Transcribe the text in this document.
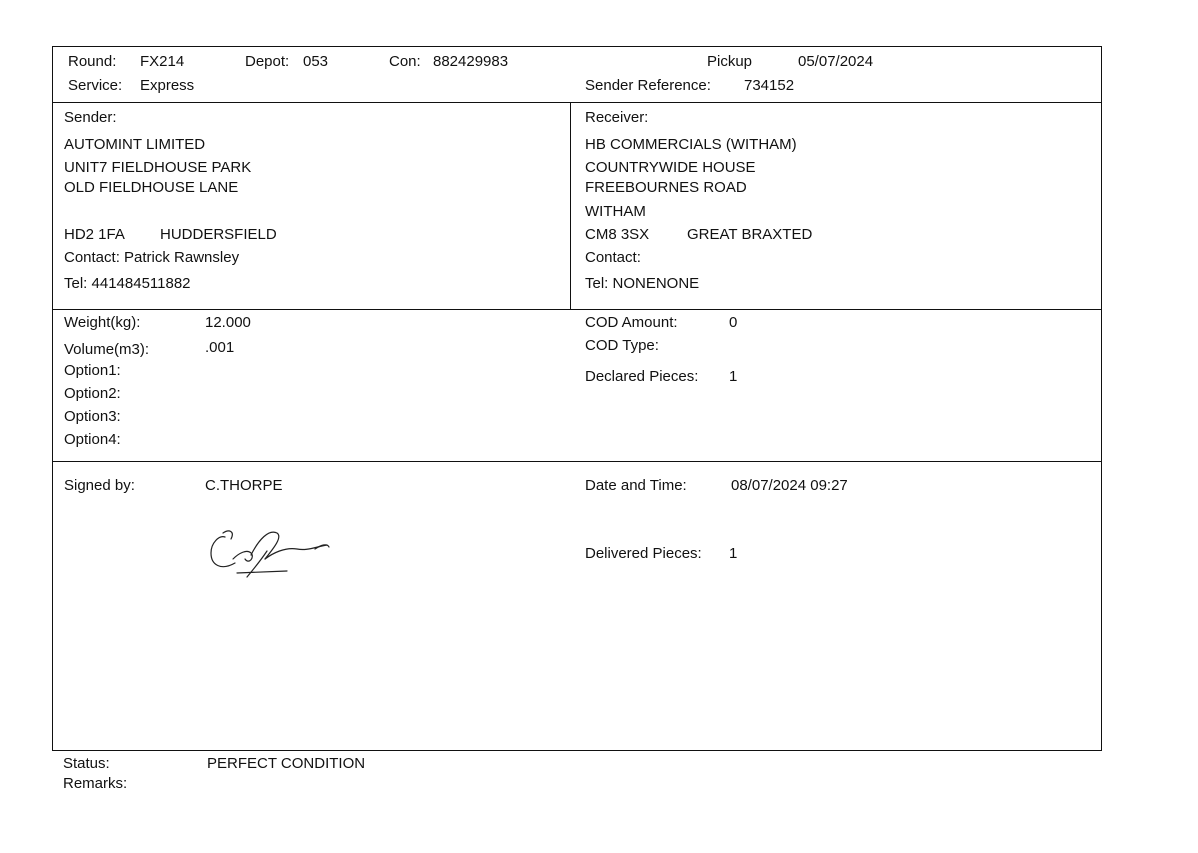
Round: FX214	Depot: 053	Con: 882429983	Pickup	05/07/2024
Service: Express	Sender Reference: 734152
Sender:
AUTOMINT LIMITED
UNIT7 FIELDHOUSE PARK
OLD FIELDHOUSE LANE
HD2 1FA HUDDERSFIELD
Contact: Patrick Rawnsley
Tel: 441484511882
Receiver:
HB COMMERCIALS (WITHAM)
COUNTRYWIDE HOUSE
FREEBOURNES ROAD
WITHAM
CM8 3SX	GREAT BRAXTED
Contact:
Tel: NONENONE
Weight(kg):	12.000
Volume(m3):	.001
Option1:
Option2:
Option3:
Option4:
COD Amount:	0
COD Type:
Declared Pieces: 1
Signed by:	C.THORPE	Date and Time:	08/07/2024 09:27
Delivered Pieces: 1
Status:	PERFECT CONDITION
Remarks:
